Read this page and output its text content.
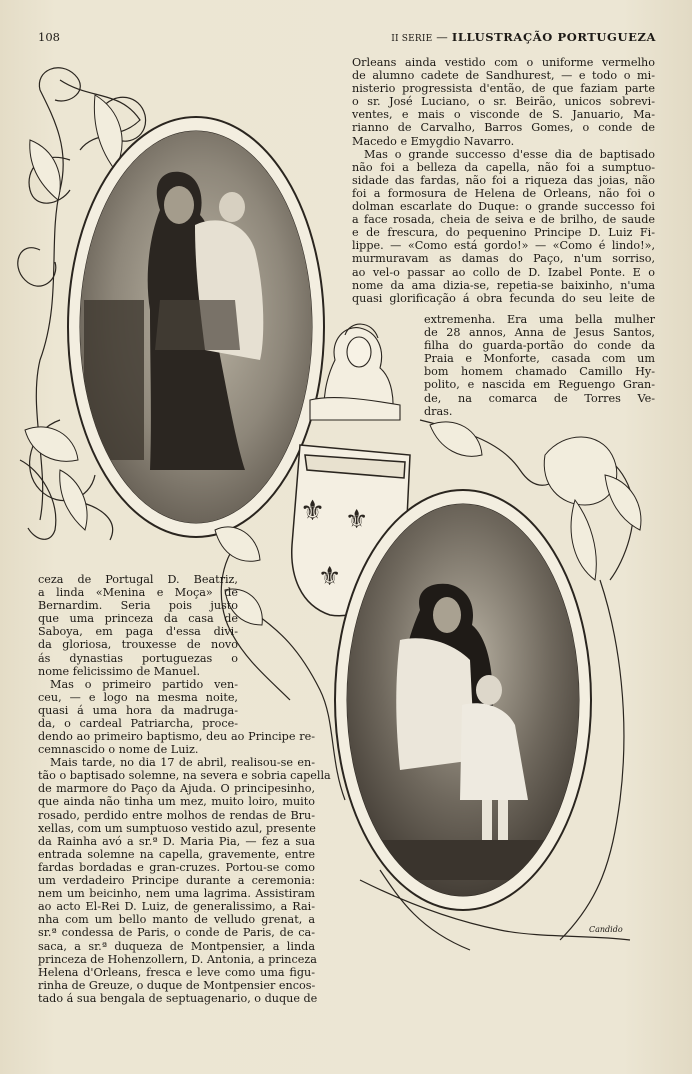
108	II SERIE — ILLUSTRAÇÃO PORTUGUEZA
⚜ ⚜
⚜
Orleans ainda vestido com o uniforme vermelho
de alumno cadete de Sandhurest, — e todo o mi-
nisterio progressista d'então, de que faziam parte
o sr. José Luciano, o sr. Beirão, unicos sobrevi-
ventes, e mais o visconde de S. Januario, Ma-
rianno de Carvalho, Barros Gomes, o conde de
Macedo e Emygdio Navarro.
Mas o grande successo d'esse dia de baptisado
não foi a belleza da capella, não foi a sumptuo-
sidade das fardas, não foi a riqueza das joias, não
foi a formosura de Helena de Orleans, não foi o
dolman escarlate do Duque: o grande successo foi
a face rosada, cheia de seiva e de brilho, de saude
e de frescura, do pequenino Principe D. Luiz Fi-
lippe. — «Como está gordo!» — «Como é lindo!»,
murmuravam as damas do Paço, n'um sorriso,
ao vel-o passar ao collo de D. Izabel Ponte. E o
nome da ama dizia-se, repetia-se baixinho, n'uma
quasi glorificação á obra fecunda do seu leite de
extremenha. Era uma bella mulher
de 28 annos, Anna de Jesus Santos,
filha do guarda-portão do conde da
Praia e Monforte, casada com um
bom homem chamado Camillo Hy-
polito, e nascida em Reguengo Gran-
de, na comarca de Torres Ve-
dras.
ceza de Portugal D. Beatriz,
a linda «Menina e Moça» de
Bernardim. Seria pois justo
que uma princeza da casa de
Saboya, em paga d'essa divi-
da gloriosa, trouxesse de novo
ás dynastias portuguezas o
nome felicissimo de Manuel.
Mas o primeiro partido ven-
ceu, — e logo na mesma noite,
quasi á uma hora da madruga-
da, o cardeal Patriarcha, proce-
dendo ao primeiro baptismo, deu ao Principe re-
cemnascido o nome de Luiz.
Mais tarde, no dia 17 de abril, realisou-se en-
tão o baptisado solemne, na severa e sobria capella
de marmore do Paço da Ajuda. O principesinho,
que ainda não tinha um mez, muito loiro, muito
rosado, perdido entre molhos de rendas de Bru-
xellas, com um sumptuoso vestido azul, presente
da Rainha avó a sr.ª D. Maria Pia, — fez a sua
entrada solemne na capella, gravemente, entre
fardas bordadas e gran-cruzes. Portou-se como
um verdadeiro Principe durante a ceremonia:
nem um beicinho, nem uma lagrima. Assistiram
ao acto El-Rei D. Luiz, de generalissimo, a Rai-
nha com um bello manto de velludo grenat, a
sr.ª condessa de Paris, o conde de Paris, de ca-
saca, a sr.ª duqueza de Montpensier, a linda
princeza de Hohenzollern, D. Antonia, a princeza
Helena d'Orleans, fresca e leve como uma figu-
rinha de Greuze, o duque de Montpensier encos-
tado á sua bengala de septuagenario, o duque de
Candido
